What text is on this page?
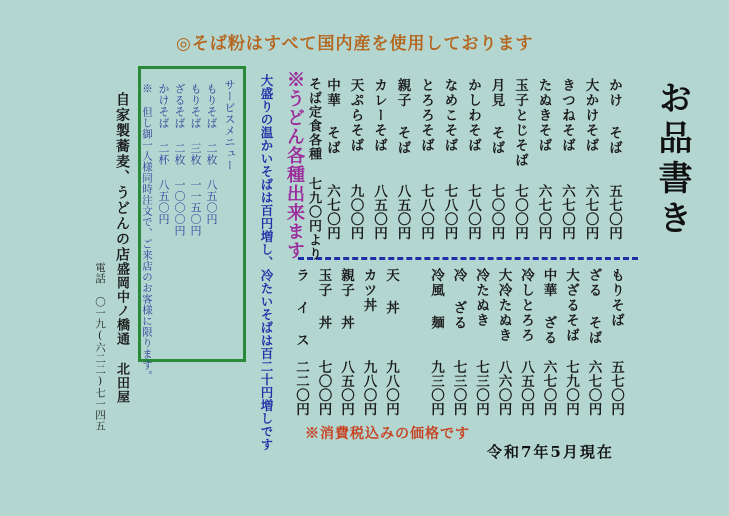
◎そば粉はすべて国内産を使用しております
お品書き
かけ そば
五七〇円
大かけそば
六七〇円
きつねそば
六七〇円
たぬきそば
六七〇円
玉子とじそば
七〇〇円
月見 そば
七〇〇円
かしわそば
七八〇円
なめこそば
七八〇円
とろろそば
七八〇円
親子 そば
八五〇円
カレーそば
八五〇円
天ぷらそば
九〇〇円
中華 そば
六七〇円
もりそば
五七〇円
ざる そば
六七〇円
大ざるそば
七九〇円
中華 ざる
六七〇円
冷しとろろ
八五〇円
大冷たぬき
八六〇円
冷たぬき
七三〇円
冷 ざる
七三〇円
冷風 麺
九三〇円
天 丼
九八〇円
カツ丼
九八〇円
親子 丼
八五〇円
玉子 丼
七〇〇円
ラ イ ス
二二〇円
そば定食各種 七九〇円より
※うどん各種出来ます
大盛りの温かいそばは百円増し、冷たいそばは百二十円増しです ※消費税込みの価格です
令和7年5月現在
サービスメニュー
もりそば 二枚 八五〇円
もりそば 三枚 一一五〇円
ざるそば 二枚 一〇〇〇円
かけそば 二杯 八五〇円
※ 但し御一人様同時注文で、ご来店のお客様に限ります。
自家製蕎麦、うどんの店
盛岡中ノ橋通 北田屋
電話 〇一九(六二二)七一四五
